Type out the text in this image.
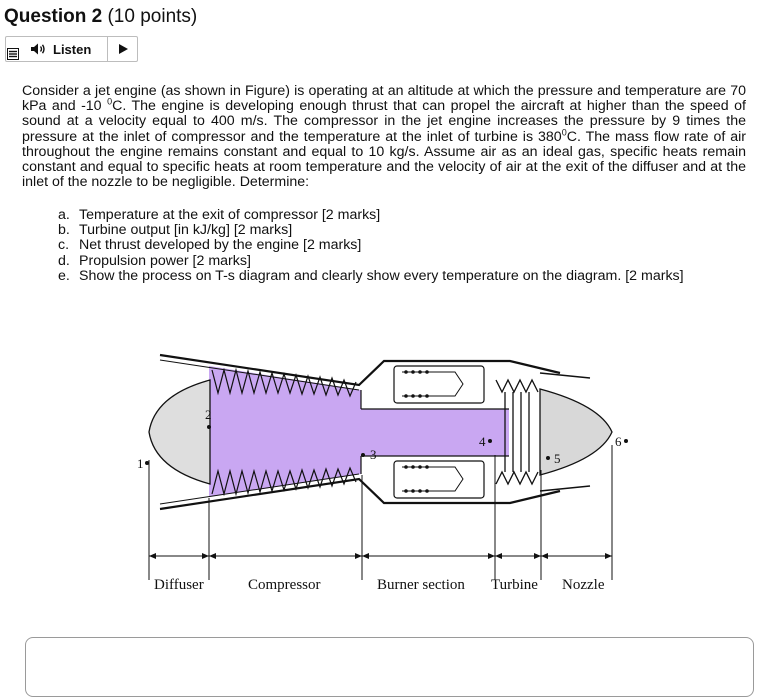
Question 2 (10 points)
Listen
Consider a jet engine (as shown in Figure) is operating at an altitude at which the pressure and temperature are 70 kPa and -10 $^0$C. The engine is developing enough thrust that can propel the aircraft at higher than the speed of sound at a velocity equal to 400 m/s. The compressor in the jet engine increases the pressure by 9 times the pressure at the inlet of compressor and the temperature at the inlet of turbine is $380^0C$. The mass flow rate of air throughout the engine remains constant and equal to 10 kg/s. Assume air as an ideal gas, specific heats remain constant and equal to specific heats at room temperature and the velocity of air at the exit of the diffuser and at the inlet of the nozzle to be negligible. Determine:
a. Temperature at the exit of compressor [2 marks]
b. Turbine output [in kJ/kg] [2 marks]
c. Net thrust developed by the engine [2 marks]
d. Propulsion power [2 marks]
e. Show the process on T-s diagram and clearly show every temperature on the diagram. [2 marks]
1
2
3
4
5
6
Diffuser	Compressor	Burner section Turbine Nozzle
